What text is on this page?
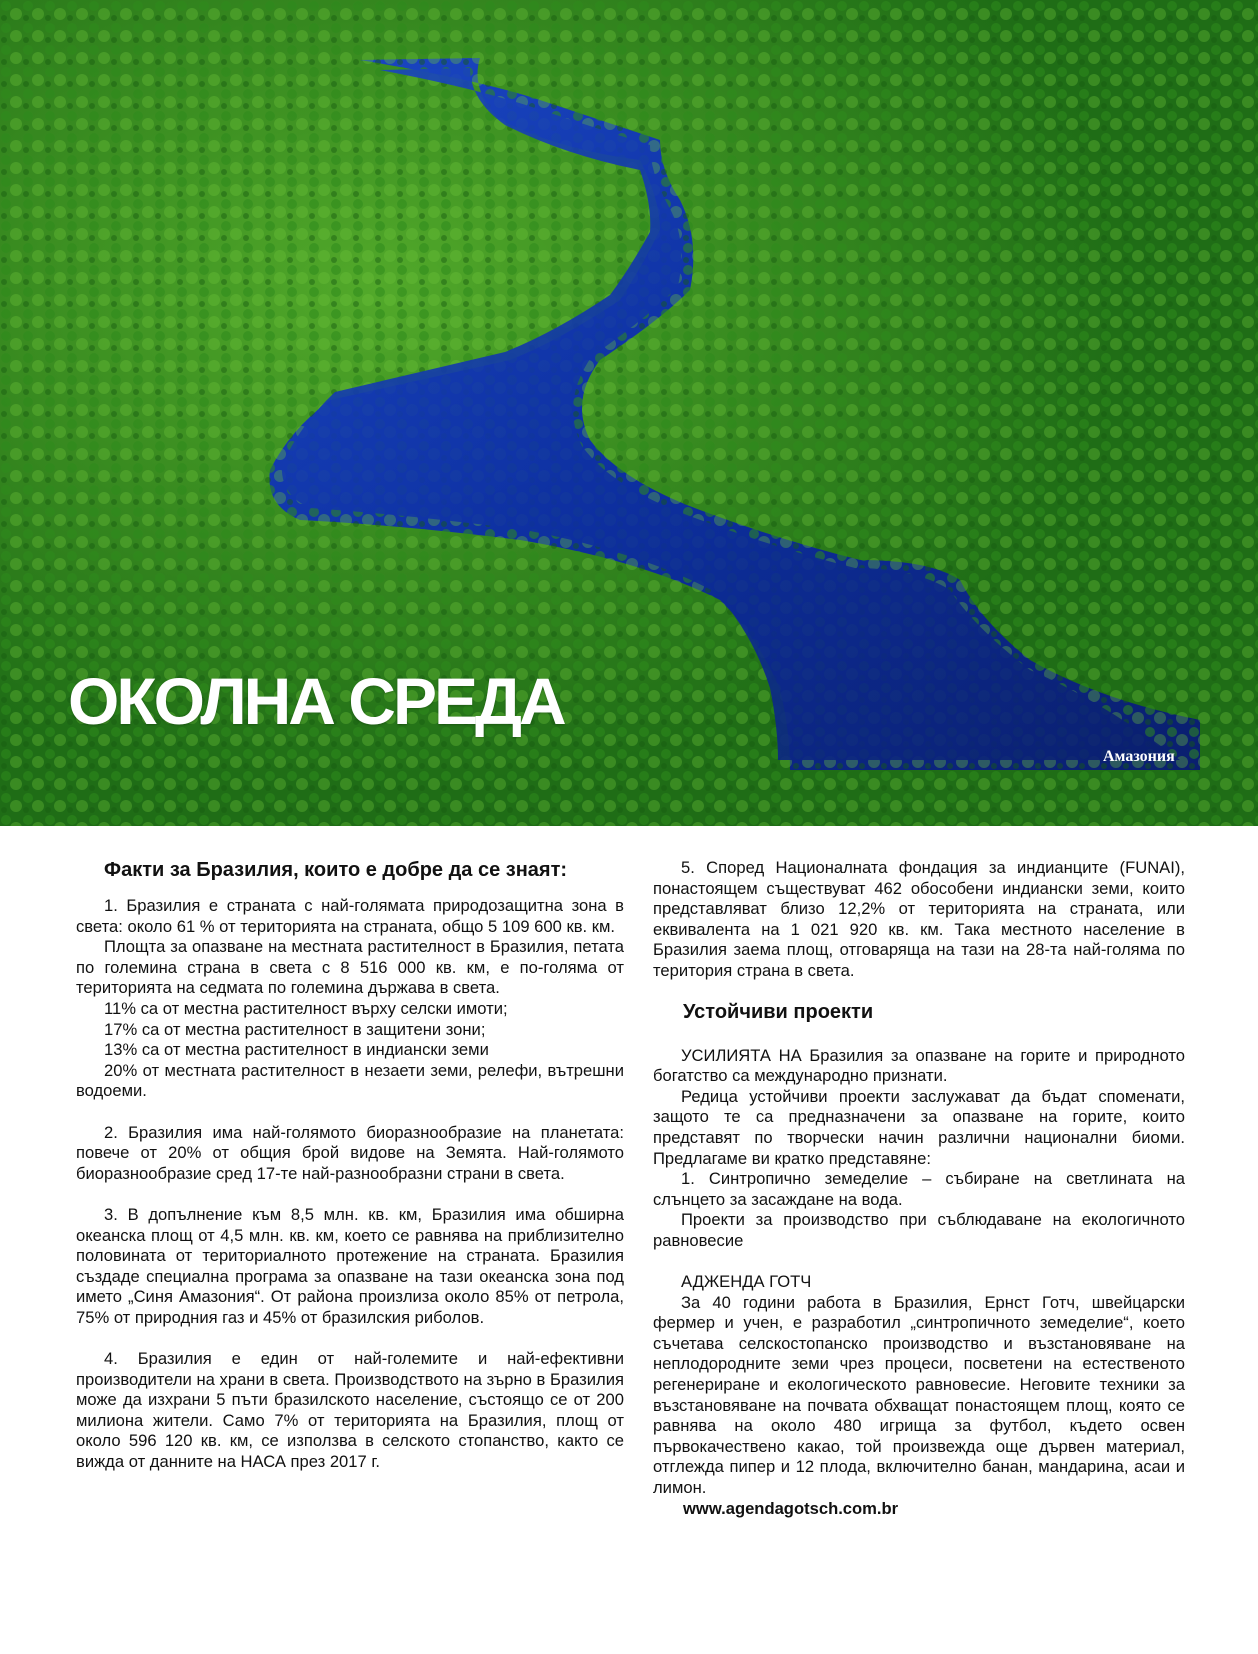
ОКОЛНА СРЕДА
Амазония
Факти за Бразилия, които е добре да се знаят:

1. Бразилия е страната с най-голямата природозащитна зона в света: около 61 % от територията на страната, общо 5 109 600 кв. км.

Площта за опазване на местната растителност в Бразилия, петата по големина страна в света с 8 516 000 кв. км, е по-голяма от територията на седмата по големина държава в света.

11% са от местна растителност върху селски имоти;

17% са от местна растителност в защитени зони;

13% са от местна растителност в индиански земи

20% от местната растителност в незаети земи, релефи, вътрешни водоеми.

2. Бразилия има най-голямото биоразнообразие на планетата: повече от 20% от общия брой видове на Земята. Най-голямото биоразнообразие сред 17-те най-разнообразни страни в света.

3. В допълнение към 8,5 млн. кв. км, Бразилия има обширна океанска площ от 4,5 млн. кв. км, което се равнява на приблизително половината от териториалното протежение на страната. Бразилия създаде специална програма за опазване на тази океанска зона под името „Синя Амазония“. От района произлиза около 85% от петрола, 75% от природния газ и 45% от бразилския риболов.

4. Бразилия е един от най-големите и най-ефективни производители на храни в света. Производството на зърно в Бразилия може да изхрани 5 пъти бразилското население, състоящо се от 200 милиона жители. Само 7% от територията на Бразилия, площ от около 596 120 кв. км, се използва в селското стопанство, както се вижда от данните на НАСА през 2017 г.

5. Според Националната фондация за индианците (FUNAI), понастоящем съществуват 462 обособени индиански земи, които представляват близо 12,2% от територията на страната, или еквивалента на 1 021 920 кв. км. Така местното население в Бразилия заема площ, отговаряща на тази на 28-та най-голяма по територия страна в света.

Устойчиви проекти

УСИЛИЯТА НА Бразилия за опазване на горите и природното богатство са международно признати.

Редица устойчиви проекти заслужават да бъдат споменати, защото те са предназначени за опазване на горите, които представят по творчески начин различни национални биоми. Предлагаме ви кратко представяне:

1. Синтропично земеделие – събиране на светлината на слънцето за засаждане на вода.

Проекти за производство при съблюдаване на екологичното равновесие

АДЖЕНДА ГОТЧ

За 40 години работа в Бразилия, Ернст Готч, швейцарски фермер и учен, е разработил „синтропичното земеделие“, което съчетава селскостопанско производство и възстановяване на неплодородните земи чрез процеси, посветени на естественото регенериране и екологическото равновесие. Неговите техники за възстановяване на почвата обхващат понастоящем площ, която се равнява на около 480 игрища за футбол, където освен първокачествено какао, той произвежда още дървен материал, отглежда пипер и 12 плода, включително банан, мандарина, асаи и лимон.

www.agendagotsch.com.br
